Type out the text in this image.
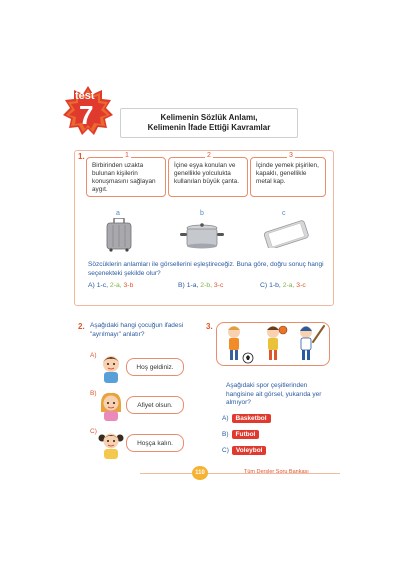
test
7	Kelimenin Sözlük Anlamı,
Kelimenin İfade Ettiği Kavramlar
1.	1
Birbirinden uzakta bulunan kişilerin konuşmasını sağlayan aygıt.
2
İçine eşya konulan ve genellikle yolculukta kullanılan büyük çanta.
3
İçinde yemek pişirilen, kapaklı, genellikle metal kap.
a	b	c
Sözcüklerin anlamları ile görsellerini eşleştireceğiz. Buna göre, doğru sonuç hangi seçenekteki şekilde olur?
A) 1-c, 2-a, 3-b	B) 1-a, 2-b, 3-c	C) 1-b, 2-a, 3-c
2. Aşağıdaki hangi çocuğun ifadesi "ayrılmayı" anlatır?
A)
Hoş geldiniz.
B)
Afiyet olsun.
C)
Hoşça kalın.
3.
Aşağıdaki spor çeşitlerinden hangisine ait görsel, yukarıda yer almıyor?
A)	Basketbol
B)	Futbol
C)	Voleybol
110	Tüm Dersler Soru Bankası
